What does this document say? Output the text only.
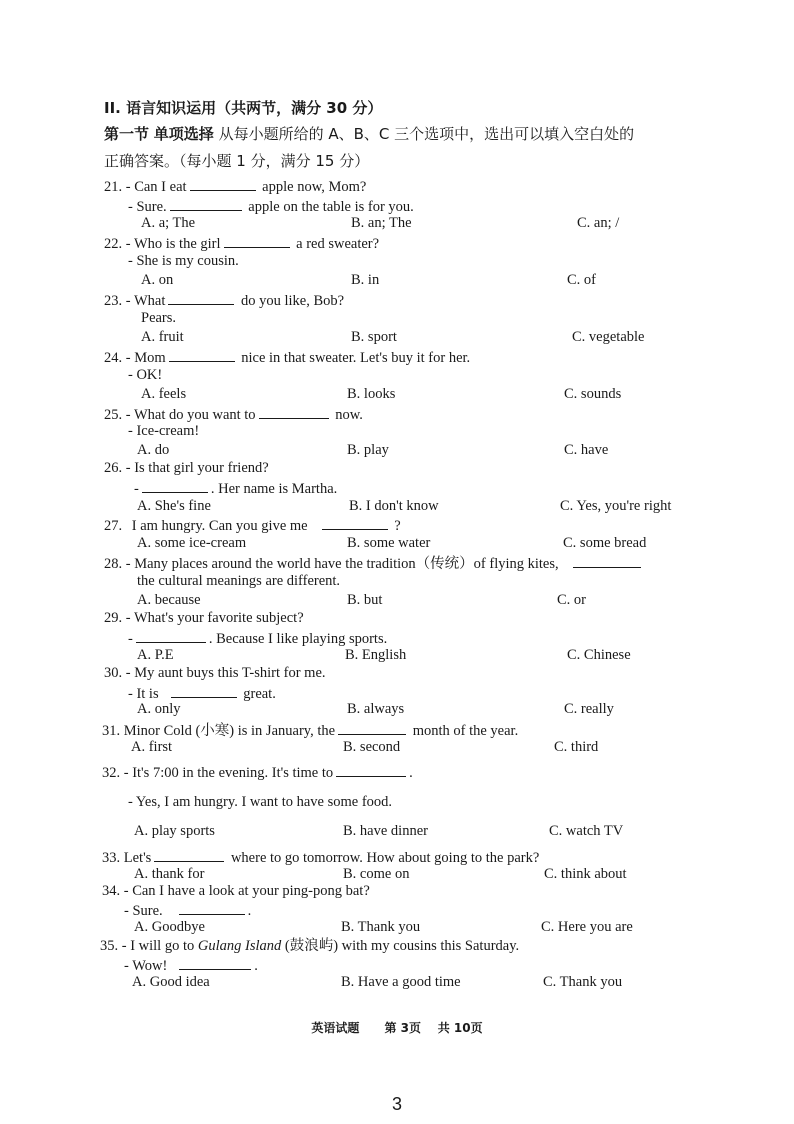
II. 语言知识运用（共两节，满分 30 分）
第一节 单项选择 从每小题所给的 A、B、C 三个选项中，选出可以填入空白处的
正确答案。（每小题 1 分，满分 15 分）
21. - Can I eat	apple now, Mom?
- Sure.	apple on the table is for you.
A. a; The	B. an; The	C. an; /
22. - Who is the girl	a red sweater?
- She is my cousin.
A. on	B. in	C. of
23. - What	do you like, Bob?
Pears.
A. fruit	B. sport	C. vegetable
24. - Mom	nice in that sweater. Let's buy it for her.
- OK!
A. feels	B. looks	C. sounds
25. - What do you want to	now.
- Ice-cream!
A. do	B. play	C. have
26. - Is that girl your friend?
-	. Her name is Martha.
A. She's fine	B. I don't know	C. Yes, you're right
27. I am hungry. Can you give me	?
A. some ice-cream	B. some water	C. some bread
28. - Many places around the world have the tradition（传统）of flying kites,
the cultural meanings are different.
A. because	B. but	C. or
29. - What's your favorite subject?
-	. Because I like playing sports.
A. P.E	B. English	C. Chinese
30. - My aunt buys this T-shirt for me.
- It is	great.
A. only	B. always	C. really
31. Minor Cold (小寒) is in January, the	month of the year.
A. first	B. second	C. third
32. - It's 7:00 in the evening. It's time to	.
- Yes, I am hungry. I want to have some food.
A. play sports	B. have dinner	C. watch TV
33. Let's	where to go tomorrow. How about going to the park?
A. thank for	B. come on	C. think about
34. - Can I have a look at your ping-pong bat?
- Sure.	.
A. Goodbye	B. Thank you	C. Here you are
35. - I will go to Gulang Island (鼓浪屿) with my cousins this Saturday.
- Wow!	.
A. Good idea	B. Have a good time	C. Thank you
英语试题 第 3页 共 10页
3
